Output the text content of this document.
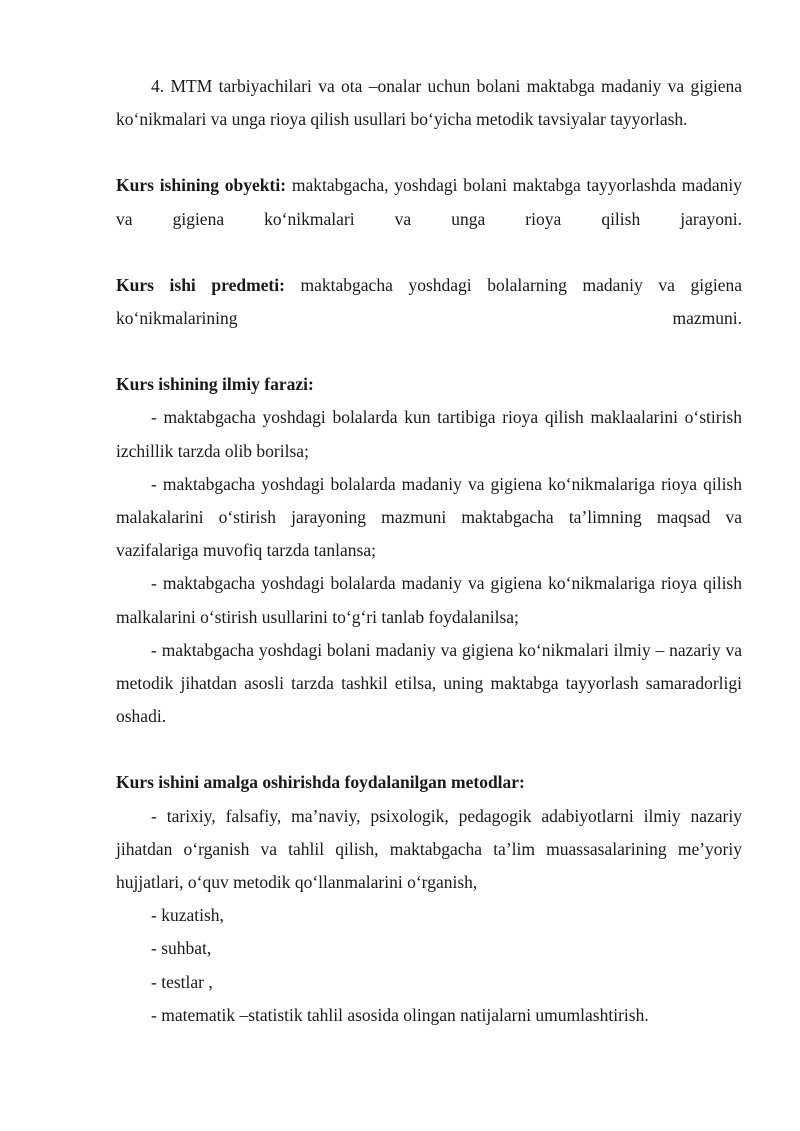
4. MTM tarbiyachilari va ota –onalar uchun bolani maktabga madaniy va gigiena ko‘nikmalari va unga rioya qilish usullari bo‘yicha metodik tavsiyalar tayyorlash.

Kurs ishining obyekti: maktabgacha, yoshdagi bolani maktabga tayyorlashda madaniy va gigiena ko‘nikmalari va unga rioya qilish jarayoni.

Kurs ishi predmeti: maktabgacha yoshdagi bolalarning madaniy va gigiena ko‘nikmalarining mazmuni.

Kurs ishining ilmiy farazi:

- maktabgacha yoshdagi bolalarda kun tartibiga rioya qilish maklaalarini o‘stirish izchillik tarzda olib borilsa;

- maktabgacha yoshdagi bolalarda madaniy va gigiena ko‘nikmalariga rioya qilish malakalarini o‘stirish jarayoning mazmuni maktabgacha ta’limning maqsad va vazifalariga muvofiq tarzda tanlansa;

- maktabgacha yoshdagi bolalarda madaniy va gigiena ko‘nikmalariga rioya qilish malkalarini o‘stirish usullarini to‘g‘ri tanlab foydalanilsa;

- maktabgacha yoshdagi bolani madaniy va gigiena ko‘nikmalari ilmiy – nazariy va metodik jihatdan asosli tarzda tashkil etilsa, uning maktabga tayyorlash samaradorligi oshadi.

Kurs ishini amalga oshirishda foydalanilgan metodlar:

- tarixiy, falsafiy, ma’naviy, psixologik, pedagogik adabiyotlarni ilmiy nazariy jihatdan o‘rganish va tahlil qilish, maktabgacha ta’lim muassasalarining me’yoriy hujjatlari, o‘quv metodik qo‘llanmalarini o‘rganish,

- kuzatish,

- suhbat,

- testlar ,

- matematik –statistik tahlil asosida olingan natijalarni umumlashtirish.
